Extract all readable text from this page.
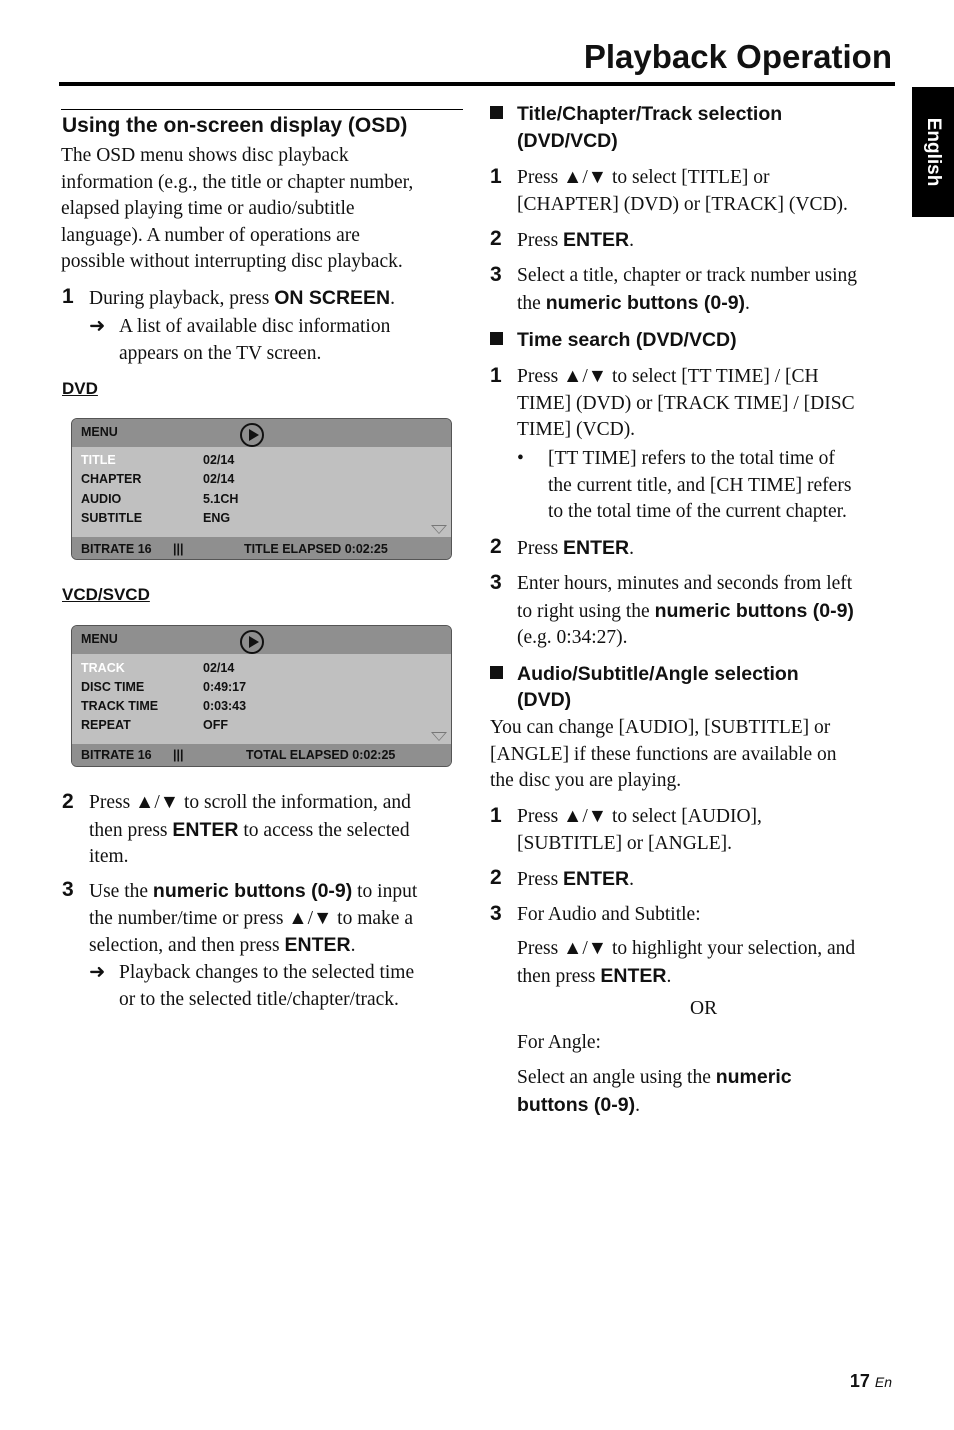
Playback Operation
English
Using the on-screen display (OSD)
The OSD menu shows disc playback
information (e.g., the title or chapter number,
elapsed playing time or audio/subtitle
language). A number of operations are
possible without interrupting disc playback.
1 During playback, press ON SCREEN.
➜ A list of available disc information
appears on the TV screen.
DVD
MENU
TITLE	02/14
CHAPTER	02/14
AUDIO	5.1CH
SUBTITLE	ENG
BITRATE 16 |||	TITLE ELAPSED 0:02:25
VCD/SVCD
MENU
TRACK	02/14
DISC TIME	0:49:17
TRACK TIME	0:03:43
REPEAT	OFF
BITRATE 16 |||	TOTAL ELAPSED 0:02:25
2 Press ▲/▼ to scroll the information, and
then press ENTER to access the selected
item.
3 Use the numeric buttons (0-9) to input
the number/time or press ▲/▼ to make a
selection, and then press ENTER.
➜ Playback changes to the selected time
or to the selected title/chapter/track.
Title/Chapter/Track selection
(DVD/VCD)
1 Press ▲/▼ to select [TITLE] or
[CHAPTER] (DVD) or [TRACK] (VCD).
2 Press ENTER.
3 Select a title, chapter or track number using
the numeric buttons (0-9).
Time search (DVD/VCD)
1 Press ▲/▼ to select [TT TIME] / [CH
TIME] (DVD) or [TRACK TIME] / [DISC
TIME] (VCD).
• [TT TIME] refers to the total time of
the current title, and [CH TIME] refers
to the total time of the current chapter.
2 Press ENTER.
3 Enter hours, minutes and seconds from left
to right using the numeric buttons (0-9)
(e.g. 0:34:27).
Audio/Subtitle/Angle selection
(DVD)
You can change [AUDIO], [SUBTITLE] or
[ANGLE] if these functions are available on
the disc you are playing.
1 Press ▲/▼ to select [AUDIO],
[SUBTITLE] or [ANGLE].
2 Press ENTER.
3 For Audio and Subtitle:
Press ▲/▼ to highlight your selection, and
then press ENTER.
OR
For Angle:
Select an angle using the numeric
buttons (0-9).
17 En
